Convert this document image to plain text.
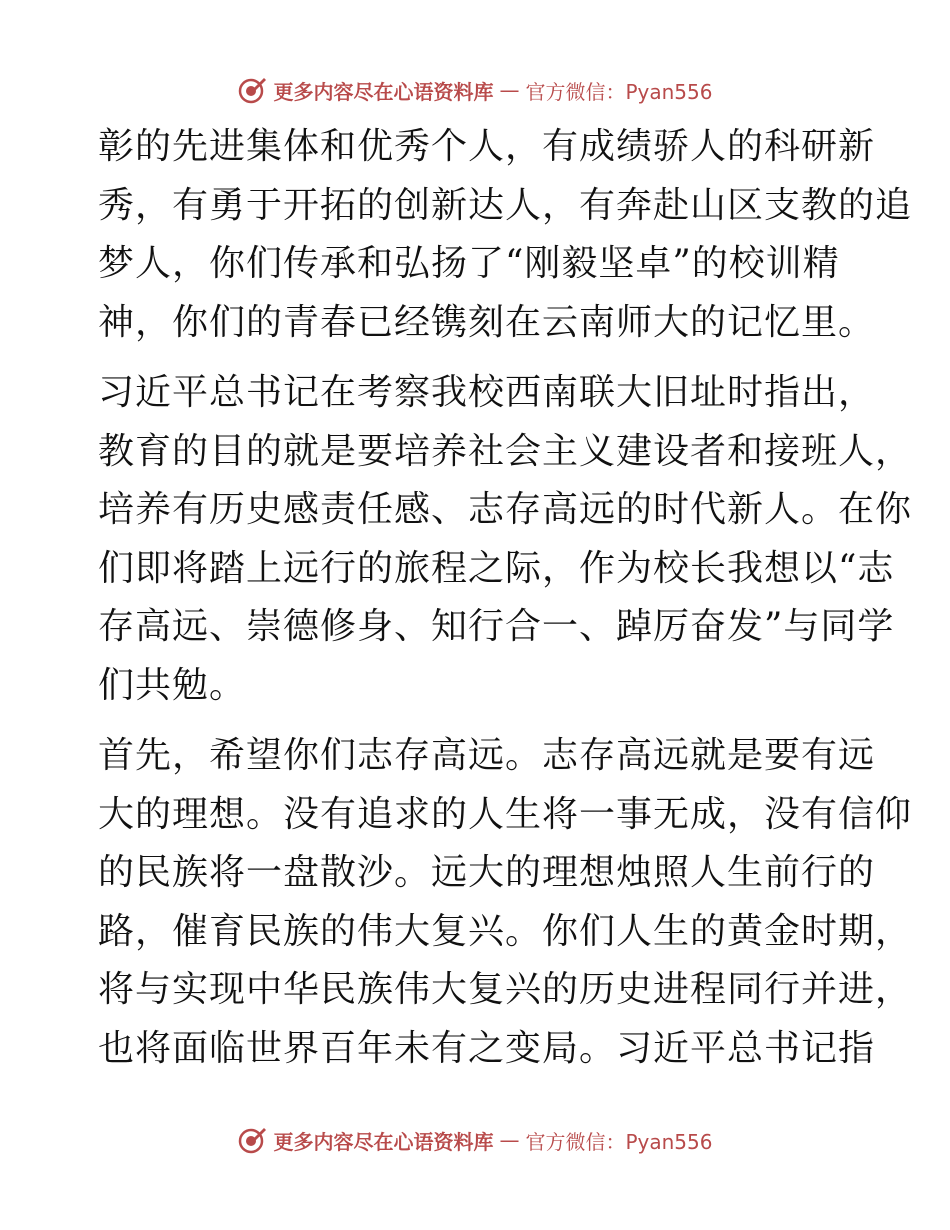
更多内容尽在心语资料库 — 官方微信：Pyan556
彰的先进集体和优秀个人，有成绩骄人的科研新
秀，有勇于开拓的创新达人，有奔赴山区支教的追
梦人，你们传承和弘扬了“刚毅坚卓”的校训精
神，你们的青春已经镌刻在云南师大的记忆里。
习近平总书记在考察我校西南联大旧址时指出，
教育的目的就是要培养社会主义建设者和接班人，
培养有历史感责任感、志存高远的时代新人。在你
们即将踏上远行的旅程之际，作为校长我想以“志
存高远、崇德修身、知行合一、踔厉奋发”与同学
们共勉。
首先，希望你们志存高远。志存高远就是要有远
大的理想。没有追求的人生将一事无成，没有信仰
的民族将一盘散沙。远大的理想烛照人生前行的
路，催育民族的伟大复兴。你们人生的黄金时期，
将与实现中华民族伟大复兴的历史进程同行并进，
也将面临世界百年未有之变局。习近平总书记指
更多内容尽在心语资料库 — 官方微信：Pyan556
